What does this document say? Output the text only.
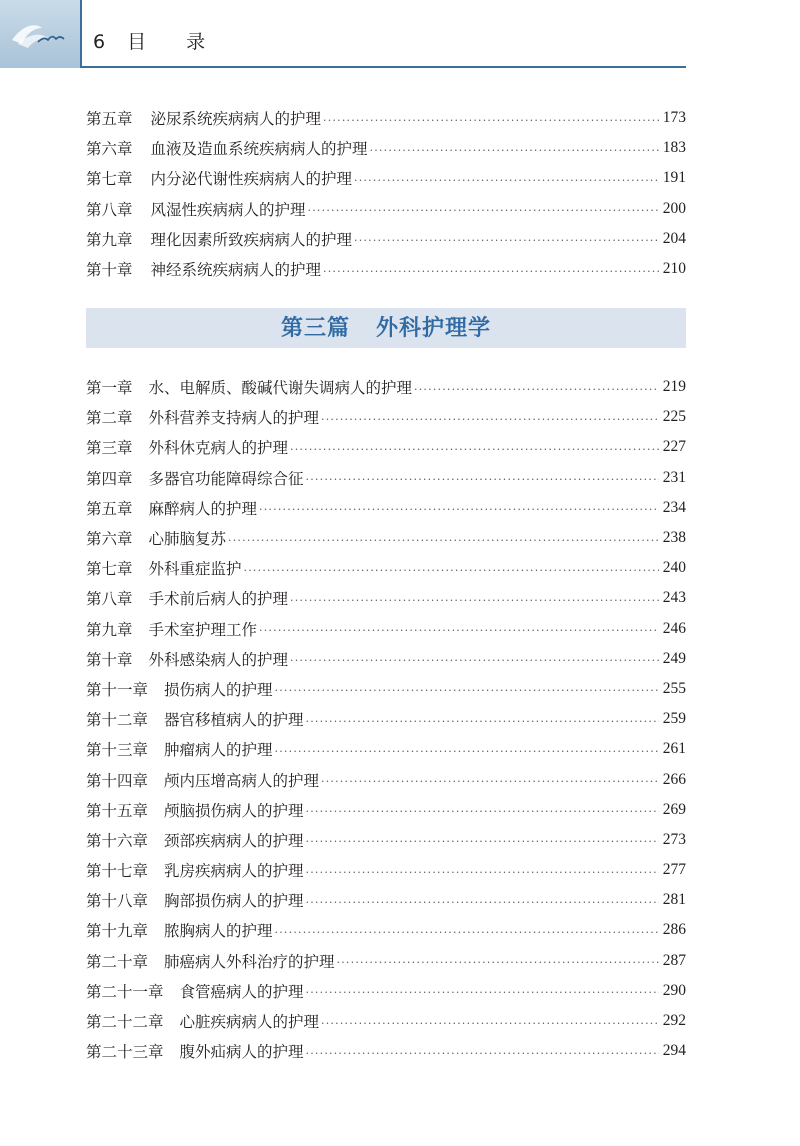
6 目 录
第五章 泌尿系统疾病病人的护理 ·····	173
第六章 血液及造血系统疾病病人的护理 ·····	183
第七章 内分泌代谢性疾病病人的护理 ·····	191
第八章 风湿性疾病病人的护理 ·····	200
第九章 理化因素所致疾病病人的护理 ·····	204
第十章 神经系统疾病病人的护理 ·····	210
第三篇 外科护理学
第一章 水、电解质、酸碱代谢失调病人的护理 ·····	219
第二章 外科营养支持病人的护理 ·····	225
第三章 外科休克病人的护理 ·····	227
第四章 多器官功能障碍综合征 ·····	231
第五章 麻醉病人的护理 ·····	234
第六章 心肺脑复苏 ·····	238
第七章 外科重症监护 ·····	240
第八章 手术前后病人的护理 ·····	243
第九章 手术室护理工作 ·····	246
第十章 外科感染病人的护理 ·····	249
第十一章 损伤病人的护理 ·····	255
第十二章 器官移植病人的护理 ·····	259
第十三章 肿瘤病人的护理 ·····	261
第十四章 颅内压增高病人的护理 ·····	266
第十五章 颅脑损伤病人的护理 ·····	269
第十六章 颈部疾病病人的护理 ·····	273
第十七章 乳房疾病病人的护理 ·····	277
第十八章 胸部损伤病人的护理 ·····	281
第十九章 脓胸病人的护理 ·····	286
第二十章 肺癌病人外科治疗的护理 ·····	287
第二十一章 食管癌病人的护理 ·····	290
第二十二章 心脏疾病病人的护理 ·····	292
第二十三章 腹外疝病人的护理 ·····	294
